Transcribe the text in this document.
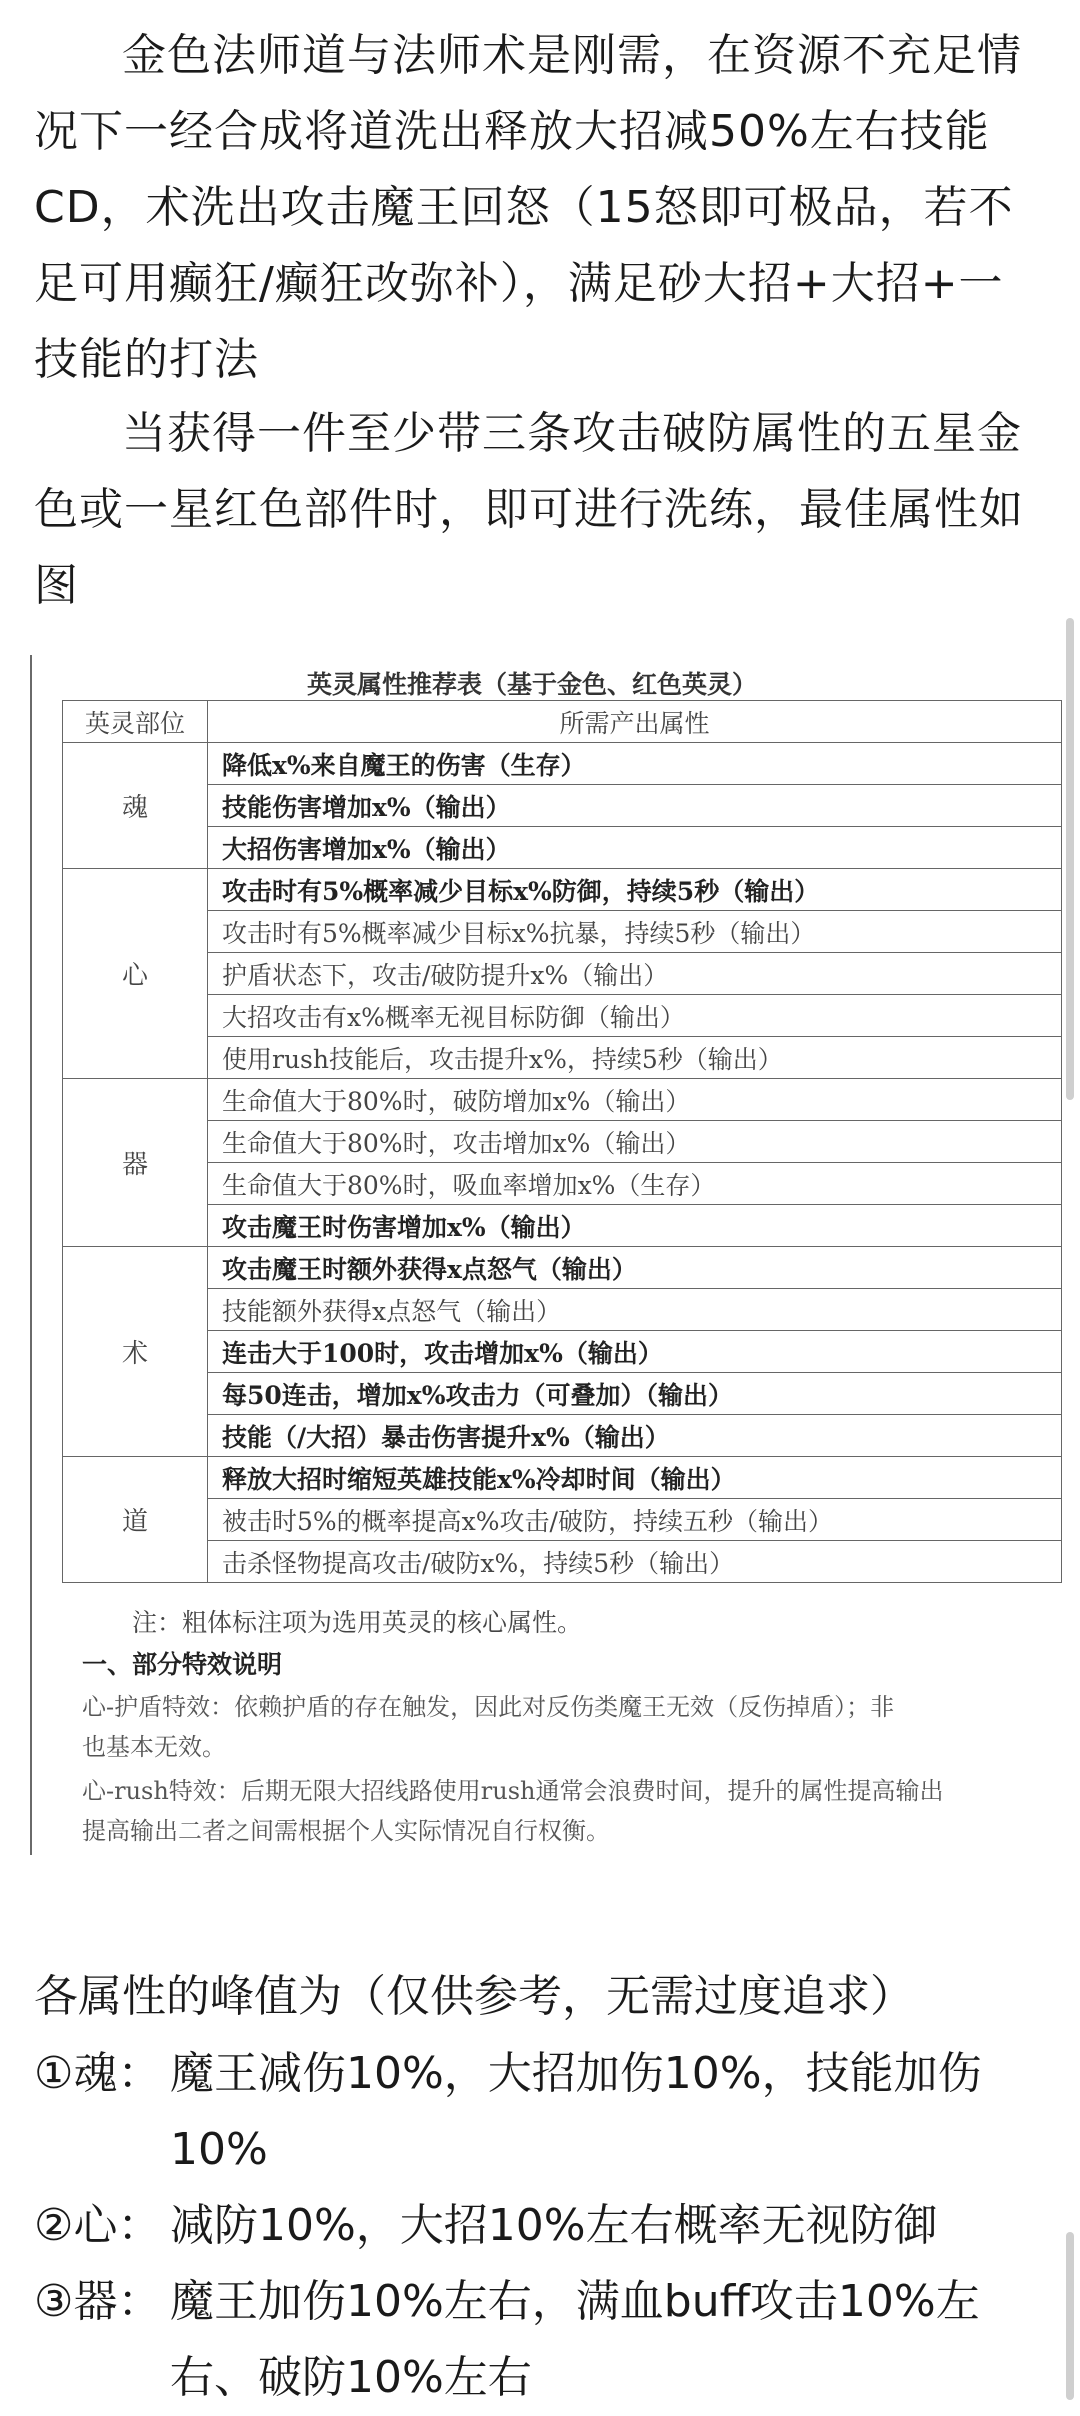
金色法师道与法师术是刚需，在资源不充足情况下一经合成将道洗出释放大招减50%左右技能CD，术洗出攻击魔王回怒（15怒即可极品，若不足可用癫狂/癫狂改弥补），满足砂大招+大招+一技能的打法

当获得一件至少带三条攻击破防属性的五星金色或一星红色部件时，即可进行洗练，最佳属性如图

英灵属性推荐表（基于金色、红色英灵）
英灵部位	所需产出属性
魂	降低x%来自魔王的伤害（生存）
	技能伤害增加x%（输出）
	大招伤害增加x%（输出）
心	攻击时有5%概率减少目标x%防御，持续5秒（输出）
	攻击时有5%概率减少目标x%抗暴，持续5秒（输出）
	护盾状态下，攻击/破防提升x%（输出）
	大招攻击有x%概率无视目标防御（输出）
	使用rush技能后，攻击提升x%，持续5秒（输出）
器	生命值大于80%时，破防增加x%（输出）
	生命值大于80%时，攻击增加x%（输出）
	生命值大于80%时，吸血率增加x%（生存）
	攻击魔王时伤害增加x%（输出）
术	攻击魔王时额外获得x点怒气（输出）
	技能额外获得x点怒气（输出）
	连击大于100时，攻击增加x%（输出）
	每50连击，增加x%攻击力（可叠加）（输出）
	技能（/大招）暴击伤害提升x%（输出）
道	释放大招时缩短英雄技能x%冷却时间（输出）
	被击时5%的概率提高x%攻击/破防，持续五秒（输出）
	击杀怪物提高攻击/破防x%，持续5秒（输出）
注：粗体标注项为选用英灵的核心属性。
一、部分特效说明
心-护盾特效：依赖护盾的存在触发，因此对反伤类魔王无效（反伤掉盾）；非
也基本无效。
心-rush特效：后期无限大招线路使用rush通常会浪费时间，提升的属性提高输出
提高输出二者之间需根据个人实际情况自行权衡。

各属性的峰值为（仅供参考，无需过度追求）

①魂： 魔王减伤10%，大招加伤10%，技能加伤10%
②心： 减防10%，大招10%左右概率无视防御
③器： 魔王加伤10%左右，满血buff攻击10%左右、破防10%左右
